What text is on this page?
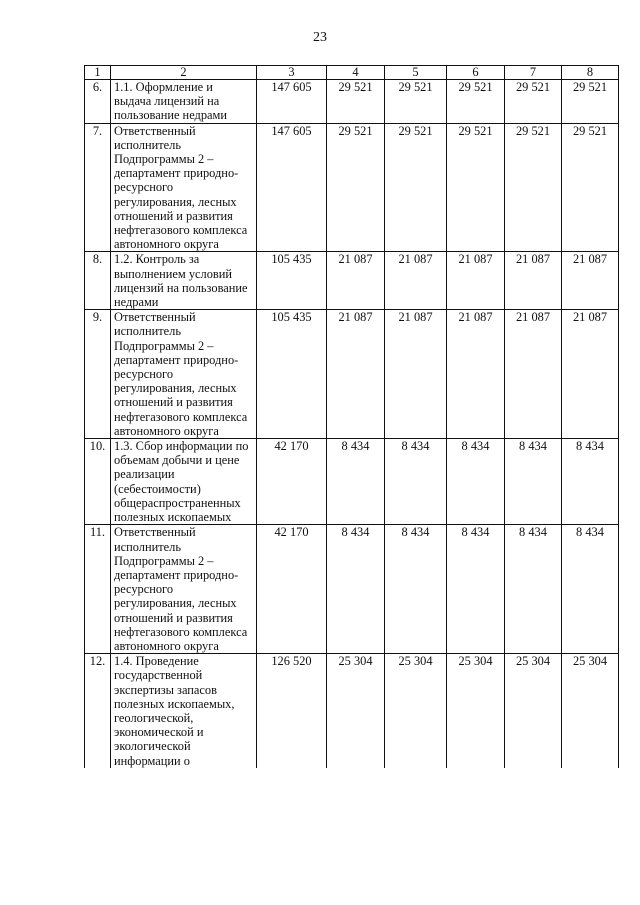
23
1	2	3	4	5	6	7	8
6.	1.1. Оформление и выдача лицензий на пользование недрами	147 605	29 521	29 521	29 521	29 521	29 521
7.	Ответственный исполнитель Подпрограммы 2 – департамент природно-ресурсного регулирования, лесных отношений и развития нефтегазового комплекса автономного округа	147 605	29 521	29 521	29 521	29 521	29 521
8.	1.2. Контроль за выполнением условий лицензий на пользование недрами	105 435	21 087	21 087	21 087	21 087	21 087
9.	Ответственный исполнитель Подпрограммы 2 – департамент природно-ресурсного регулирования, лесных отношений и развития нефтегазового комплекса автономного округа	105 435	21 087	21 087	21 087	21 087	21 087
10.	1.3. Сбор информации по объемам добычи и цене реализации (себестоимости) общераспространенных полезных ископаемых	42 170	8 434	8 434	8 434	8 434	8 434
11.	Ответственный исполнитель Подпрограммы 2 – департамент природно-ресурсного регулирования, лесных отношений и развития нефтегазового комплекса автономного округа	42 170	8 434	8 434	8 434	8 434	8 434
12.	1.4. Проведение государственной экспертизы запасов полезных ископаемых, геологической, экономической и экологической информации о	126 520	25 304	25 304	25 304	25 304	25 304
